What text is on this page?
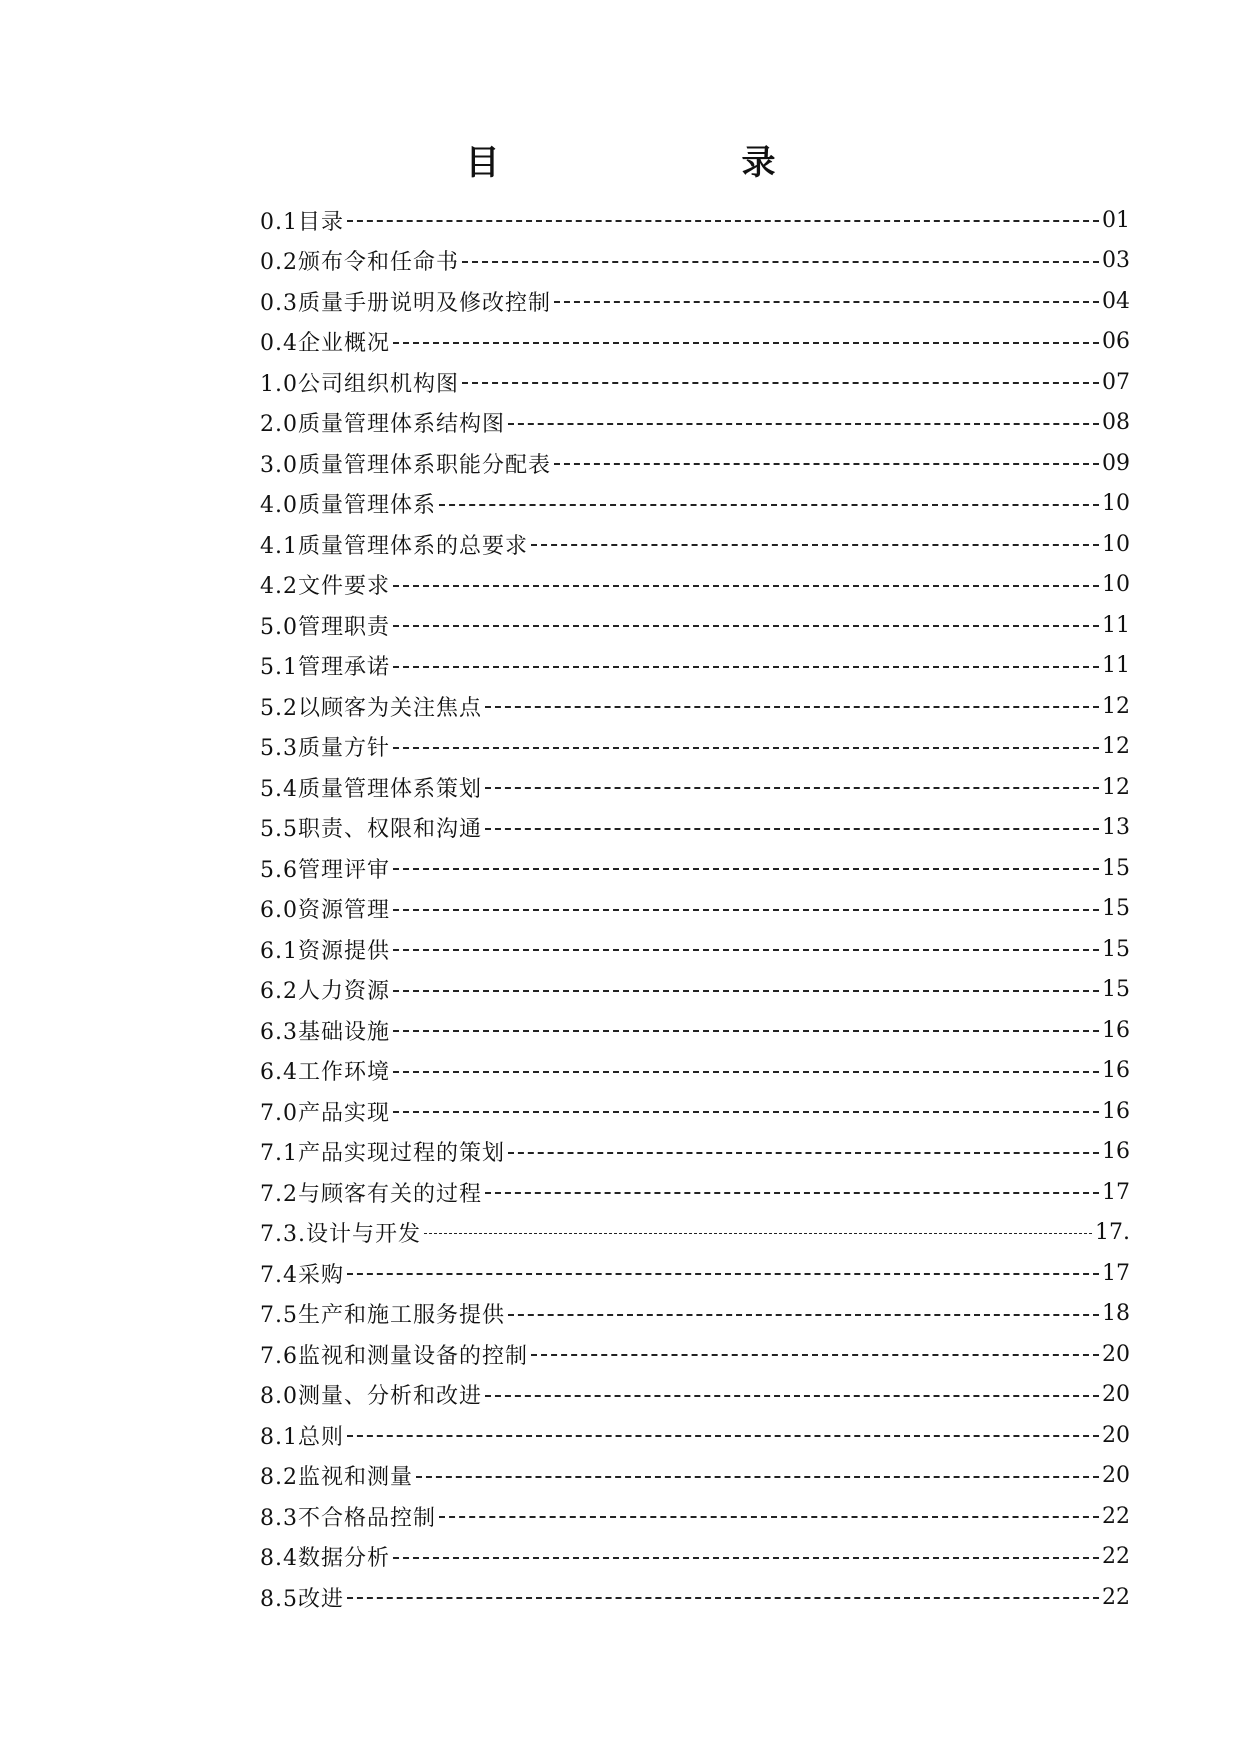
目　　录
0.1目录	01
0.2颁布令和任命书	03
0.3质量手册说明及修改控制	04
0.4企业概况	06
1.0公司组织机构图	07
2.0质量管理体系结构图	08
3.0质量管理体系职能分配表	09
4.0质量管理体系	10
4.1质量管理体系的总要求	10
4.2文件要求	10
5.0管理职责	11
5.1管理承诺	11
5.2以顾客为关注焦点	12
5.3质量方针	12
5.4质量管理体系策划	12
5.5职责、权限和沟通	13
5.6管理评审	15
6.0资源管理	15
6.1资源提供	15
6.2人力资源	15
6.3基础设施	16
6.4工作环境	16
7.0产品实现	16
7.1产品实现过程的策划	16
7.2与顾客有关的过程	17
7.3.设计与开发	17.
7.4采购	17
7.5生产和施工服务提供	18
7.6监视和测量设备的控制	20
8.0测量、分析和改进	20
8.1总则	20
8.2监视和测量	20
8.3不合格品控制	22
8.4数据分析	22
8.5改进	22
